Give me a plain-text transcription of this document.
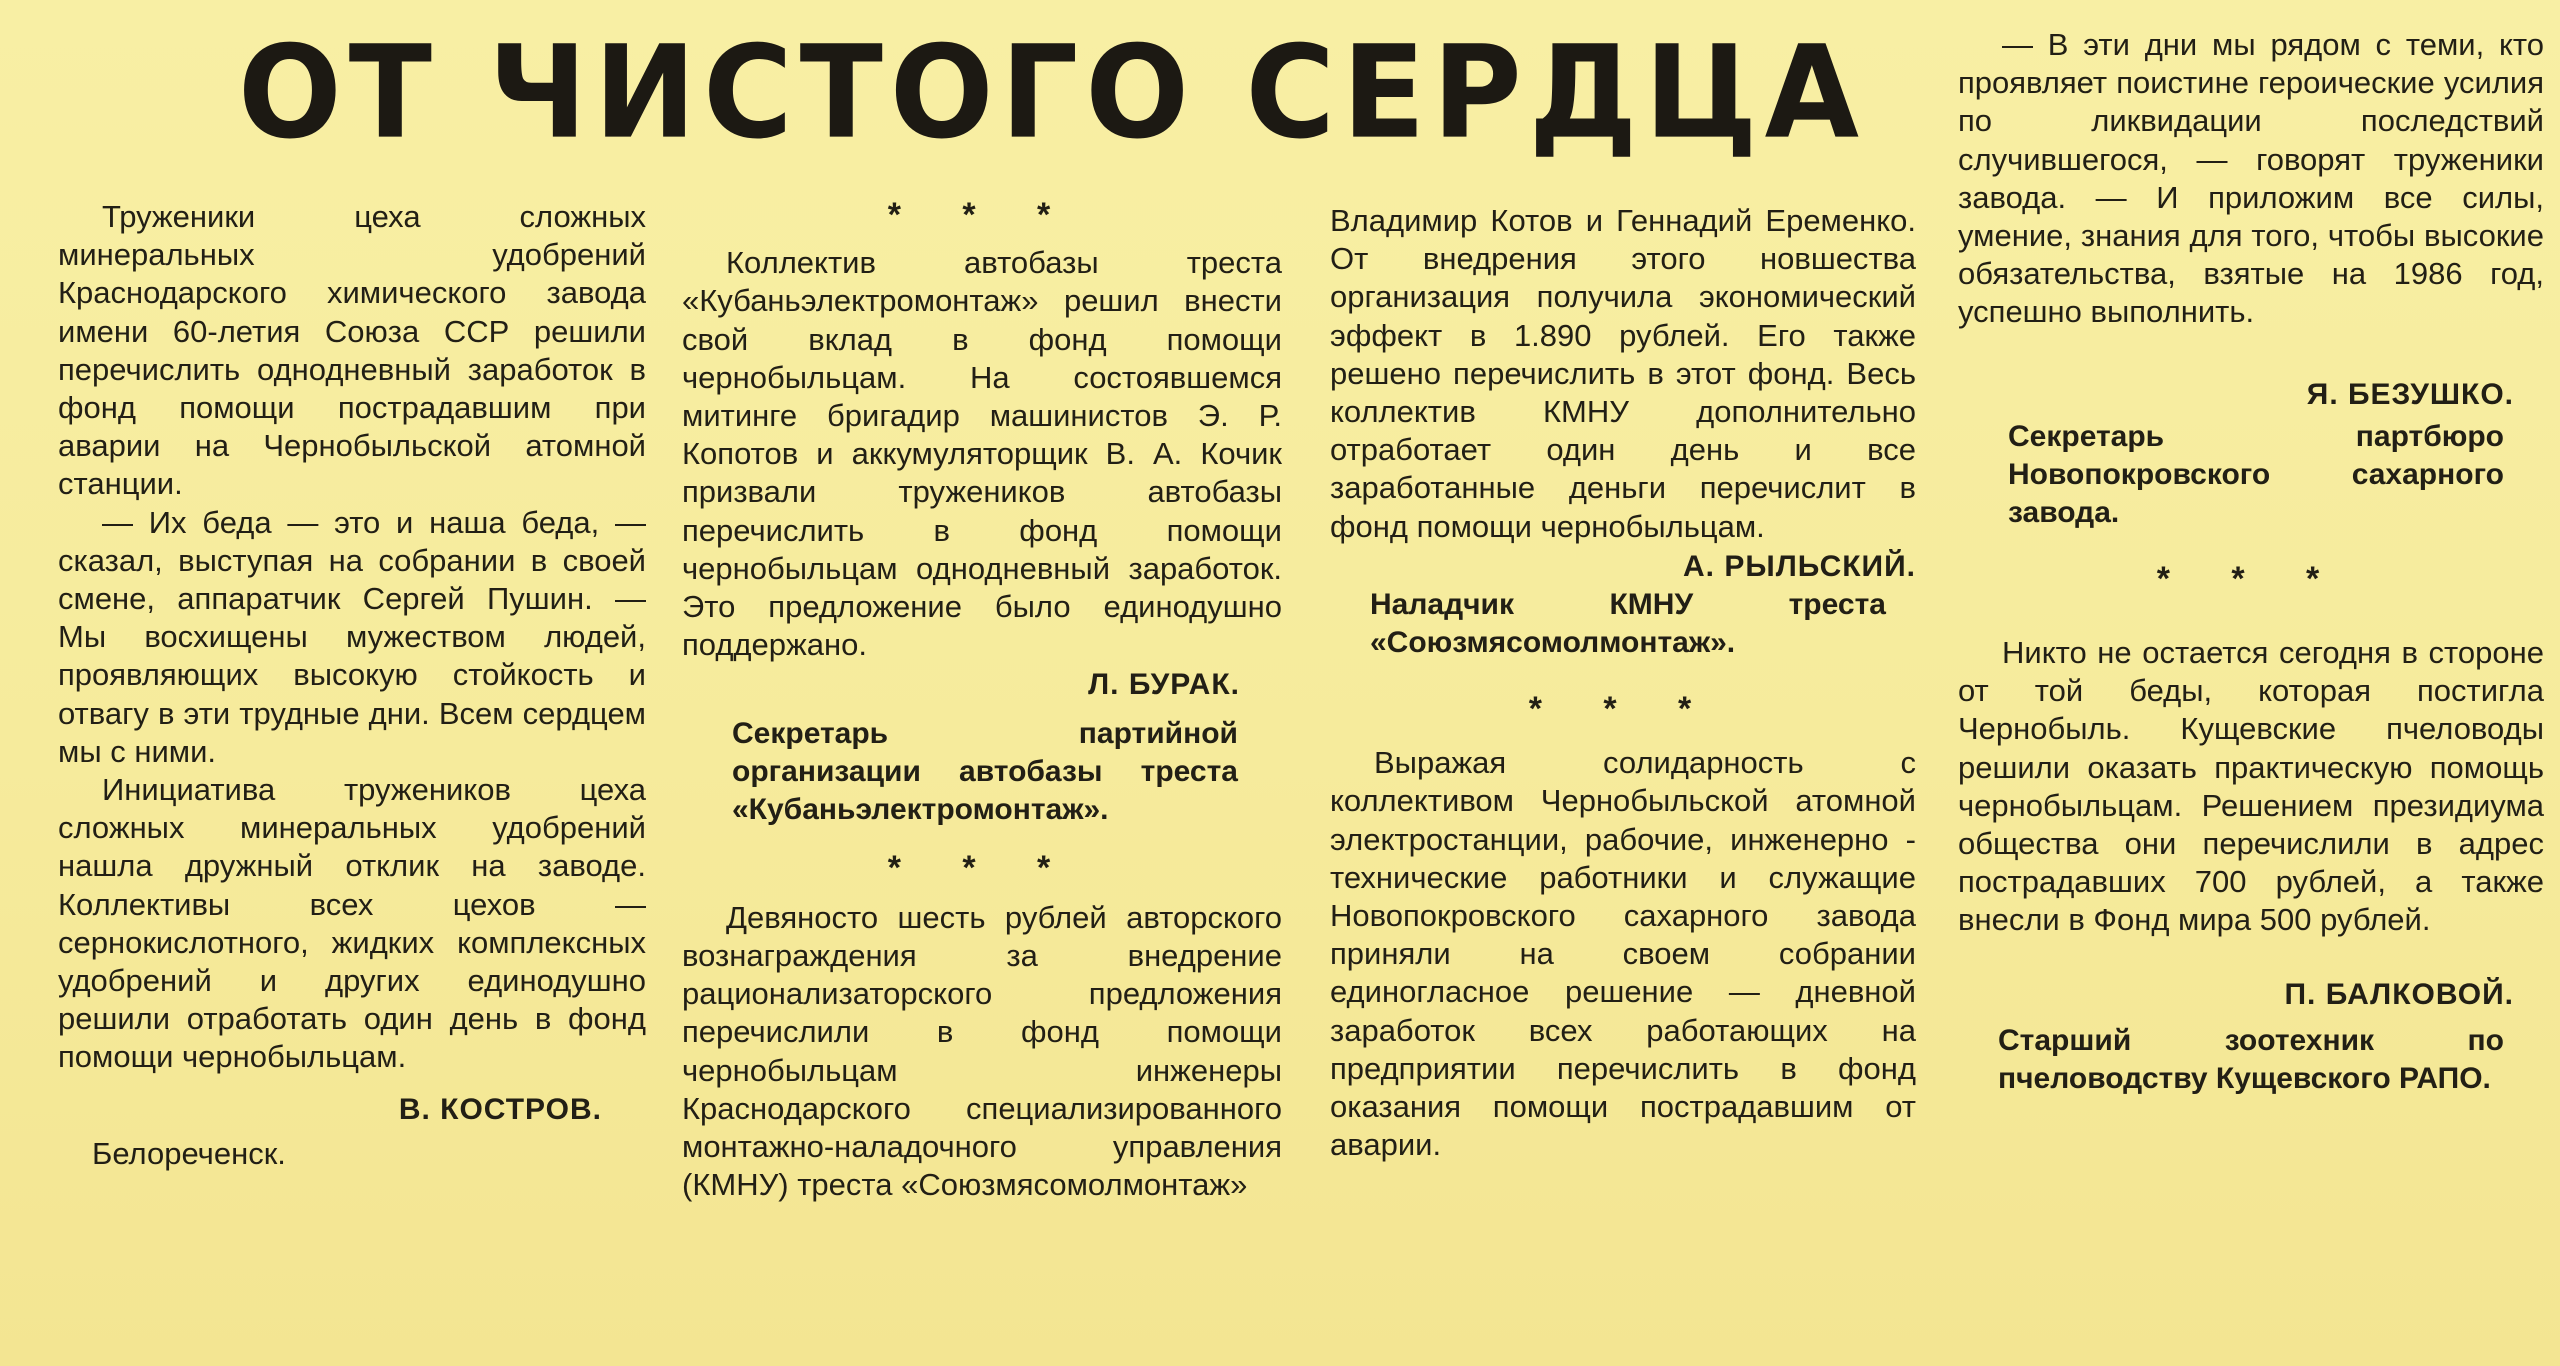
ОТ ЧИСТОГО СЕРДЦА

Труженики цеха сложных минеральных удобрений Краснодарского химического завода имени 60-летия Союза ССР решили перечислить однодневный заработок в фонд помощи пострадавшим при аварии на Чернобыльской атомной станции.

— Их беда — это и наша беда, — сказал, выступая на собрании в своей смене, аппаратчик Сергей Пушин. — Мы восхищены мужеством людей, проявляющих высокую стойкость и отвагу в эти трудные дни. Всем сердцем мы с ними.

Инициатива тружеников цеха сложных минеральных удобрений нашла дружный отклик на заводе. Коллективы всех цехов — сернокислотного, жидких комплексных удобрений и других единодушно решили отработать один день в фонд помощи чернобыльцам.

В. КОСТРОВ.

Белореченск.

* * *

Коллектив автобазы треста «Кубаньэлектромонтаж» решил внести свой вклад в фонд помощи чернобыльцам. На состоявшемся митинге бригадир машинистов Э. Р. Копотов и аккумуляторщик В. А. Кочик призвали тружеников автобазы перечислить в фонд помощи чернобыльцам однодневный заработок. Это предложение было единодушно поддержано.

Л. БУРАК.

Секретарь партийной организации автобазы треста «Кубаньэлектромонтаж».

* * *

Девяносто шесть рублей авторского вознаграждения за внедрение рационализаторского предложения перечислили в фонд помощи чернобыльцам инженеры Краснодарского специализированного монтажно-наладочного управления (КМНУ) треста «Союзмясомолмонтаж»

Владимир Котов и Геннадий Еременко. От внедрения этого новшества организация получила экономический эффект в 1.890 рублей. Его также решено перечислить в этот фонд. Весь коллектив КМНУ дополнительно отработает один день и все заработанные деньги перечислит в фонд помощи чернобыльцам.

А. РЫЛЬСКИЙ.

Наладчик КМНУ треста «Союзмясомолмонтаж».

* * *

Выражая солидарность с коллективом Чернобыльской атомной электростанции, рабочие, инженерно - технические работники и служащие Новопокровского сахарного завода приняли на своем собрании единогласное решение — дневной заработок всех работающих на предприятии перечислить в фонд оказания помощи пострадавшим от аварии.

— В эти дни мы рядом с теми, кто проявляет поистине героические усилия по ликвидации последствий случившегося, — говорят труженики завода. — И приложим все силы, умение, знания для того, чтобы высокие обязательства, взятые на 1986 год, успешно выполнить.

Я. БЕЗУШКО.

Секретарь партбюро Новопокровского сахарного завода.

* * *

Никто не остается сегодня в стороне от той беды, которая постигла Чернобыль. Кущевские пчеловоды решили оказать практическую помощь чернобыльцам. Решением президиума общества они перечислили в адрес пострадавших 700 рублей, а также внесли в Фонд мира 500 рублей.

П. БАЛКОВОЙ.

Старший зоотехник по пчеловодству Кущевского РАПО.
